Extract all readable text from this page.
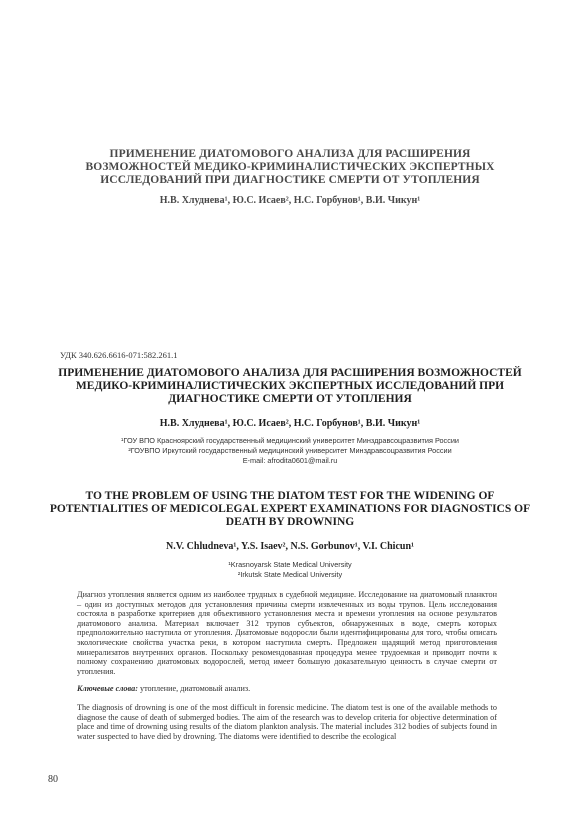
ПРИМЕНЕНИЕ ДИАТОМОВОГО АНАЛИЗА ДЛЯ РАСШИРЕНИЯ ВОЗМОЖНОСТЕЙ МЕДИКО-КРИМИНАЛИСТИЧЕСКИХ ЭКСПЕРТНЫХ ИССЛЕДОВАНИЙ ПРИ ДИАГНОСТИКЕ СМЕРТИ ОТ УТОПЛЕНИЯ
Н.В. Хлуднева¹, Ю.С. Исаев², Н.С. Горбунов¹, В.И. Чикун¹
УДК 340.626.6616-071:582.261.1
ПРИМЕНЕНИЕ ДИАТОМОВОГО АНАЛИЗА ДЛЯ РАСШИРЕНИЯ ВОЗМОЖНОСТЕЙ МЕДИКО-КРИМИНАЛИСТИЧЕСКИХ ЭКСПЕРТНЫХ ИССЛЕДОВАНИЙ ПРИ ДИАГНОСТИКЕ СМЕРТИ ОТ УТОПЛЕНИЯ
Н.В. Хлуднева¹, Ю.С. Исаев², Н.С. Горбунов¹, В.И. Чикун¹
¹ГОУ ВПО Красноярский государственный медицинский университет Минздравсоцразвития России
²ГОУВПО Иркутский государственный медицинский университет Минздравсоцразвития России
E-mail: afrodita0601@mail.ru
TO THE PROBLEM OF USING THE DIATOM TEST FOR THE WIDENING OF POTENTIALITIES OF MEDICOLEGAL EXPERT EXAMINATIONS FOR DIAGNOSTICS OF DEATH BY DROWNING
N.V. Chludneva¹, Y.S. Isaev², N.S. Gorbunov¹, V.I. Chicun¹
¹Krasnoyarsk State Medical University
²Irkutsk State Medical University
Диагноз утопления является одним из наиболее трудных в судебной медицине. Исследование на диатомовый планктон – один из доступных методов для установления причины смерти извлеченных из воды трупов. Цель исследования состояла в разработке критериев для объективного установления места и времени утопления на основе результатов диатомового анализа. Материал включает 312 трупов субъектов, обнаруженных в воде, смерть которых предположительно наступила от утопления. Диатомовые водоросли были идентифицированы для того, чтобы описать экологические свойства участка реки, в котором наступила смерть. Предложен щадящий метод приготовления минерализатов внутренних органов. Поскольку рекомендованная процедура менее трудоемкая и приводит почти к полному сохранению диатомовых водорослей, метод имеет большую доказательную ценность в случае смерти от утопления.
Ключевые слова: утопление, диатомовый анализ.
The diagnosis of drowning is one of the most difficult in forensic medicine. The diatom test is one of the available methods to diagnose the cause of death of submerged bodies. The aim of the research was to develop criteria for objective determination of place and time of drowning using results of the diatom plankton analysis. The material includes 312 bodies of subjects found in water suspected to have died by drowning. The diatoms were identified to describe the ecological
80
